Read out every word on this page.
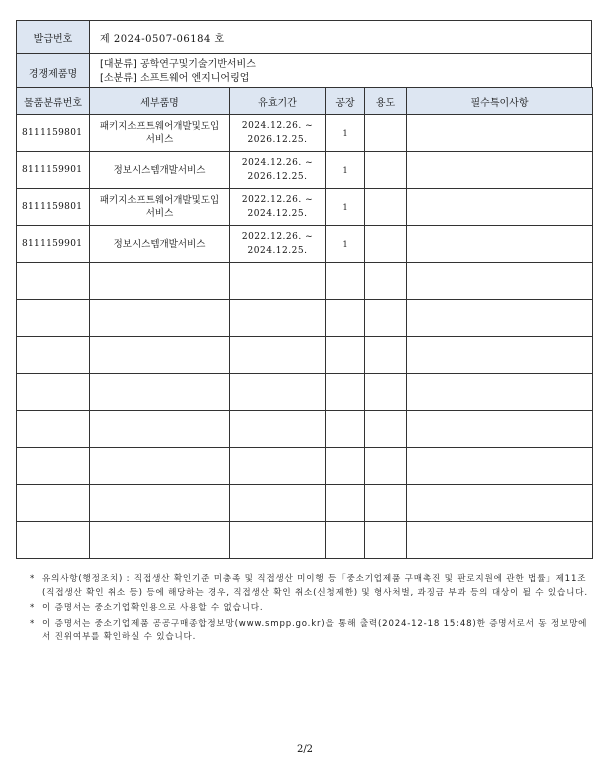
발급번호	제 2024-0507-06184 호
경쟁제품명	[대분류] 공학연구및기술기반서비스
[소분류] 소프트웨어 엔지니어링업
물품분류번호	세부품명	유효기간	공장	용도	필수특이사항
8111159801	패키지소프트웨어개발및도입서비스	2024.12.26. ~
2026.12.25.	1		
8111159901	정보시스템개발서비스	2024.12.26. ~
2026.12.25.	1		
8111159801	패키지소프트웨어개발및도입서비스	2022.12.26. ~
2024.12.25.	1		
8111159901	정보시스템개발서비스	2022.12.26. ~
2024.12.25.	1		

* 유의사항(행정조치) : 직접생산 확인기준 미충족 및 직접생산 미이행 등「중소기업제품 구매촉진 및 판로지원에 관한 법률」제11조(직접생산 확인 취소 등) 등에 해당하는 경우, 직접생산 확인 취소(신청제한) 및 형사처벌, 과징금 부과 등의 대상이 될 수 있습니다.
* 이 증명서는 중소기업확인용으로 사용할 수 없습니다.
* 이 증명서는 중소기업제품 공공구매종합정보망(www.smpp.go.kr)을 통해 출력(2024-12-18 15:48)한 증명서로서 동 정보망에서 진위여부를 확인하실 수 있습니다.
2/2
